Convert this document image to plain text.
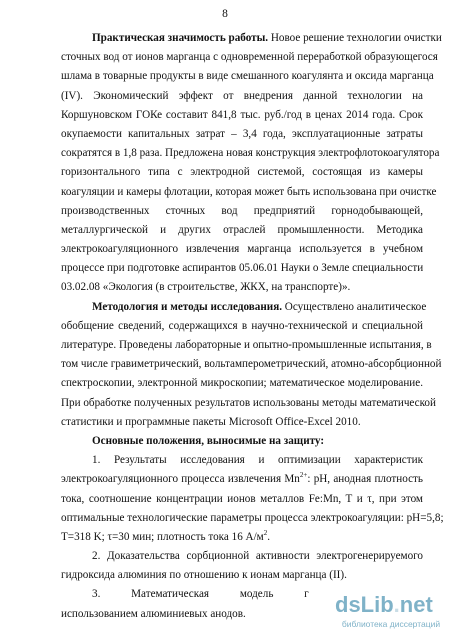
8
Практическая значимость работы. Новое решение технологии очистки
сточных вод от ионов марганца с одновременной переработкой образующегося
шлама в товарные продукты в виде смешанного коагулянта и оксида марганца
(IV). Экономический эффект от внедрения данной технологии на
Коршуновском ГОКе составит 841,8 тыс. руб./год в ценах 2014 года. Срок
окупаемости капитальных затрат – 3,4 года, эксплуатационные затраты
сократятся в 1,8 раза. Предложена новая конструкция электрофлотокоагулятора
горизонтального типа с электродной системой, состоящая из камеры
коагуляции и камеры флотации, которая может быть использована при очистке
производственных сточных вод предприятий горнодобывающей,
металлургической и других отраслей промышленности. Методика
электрокоагуляционного извлечения марганца используется в учебном
процессе при подготовке аспирантов 05.06.01 Науки о Земле специальности
03.02.08 «Экология (в строительстве, ЖКХ, на транспорте)».
Методология и методы исследования. Осуществлено аналитическое
обобщение сведений, содержащихся в научно-технической и специальной
литературе. Проведены лабораторные и опытно-промышленные испытания, в
том числе гравиметрический, вольтамперометрический, атомно-абсорбционной
спектроскопии, электронной микроскопии; математическое моделирование.
При обработке полученных результатов использованы методы математической
статистики и программные пакеты Microsoft Office-Excel 2010.
Основные положения, выносимые на защиту:
1. Результаты исследования и оптимизации характеристик
электрокоагуляционного процесса извлечения $Mn^{2+}$: pH, анодная плотность
тока, соотношение концентрации ионов металлов Fe:Mn, T и τ, при этом
оптимальные технологические параметры процесса электрокоагуляции: pH=5,8;
T=318 K; τ=30 мин; плотность тока 16 $А/м^2$.
2. Доказательства сорбционной активности электрогенерируемого
гидроксида алюминия по отношению к ионам марганца (II).
3. Математическая модель г
использованием алюминиевых анодов.	dsLib.net
библиотека диссертаций
